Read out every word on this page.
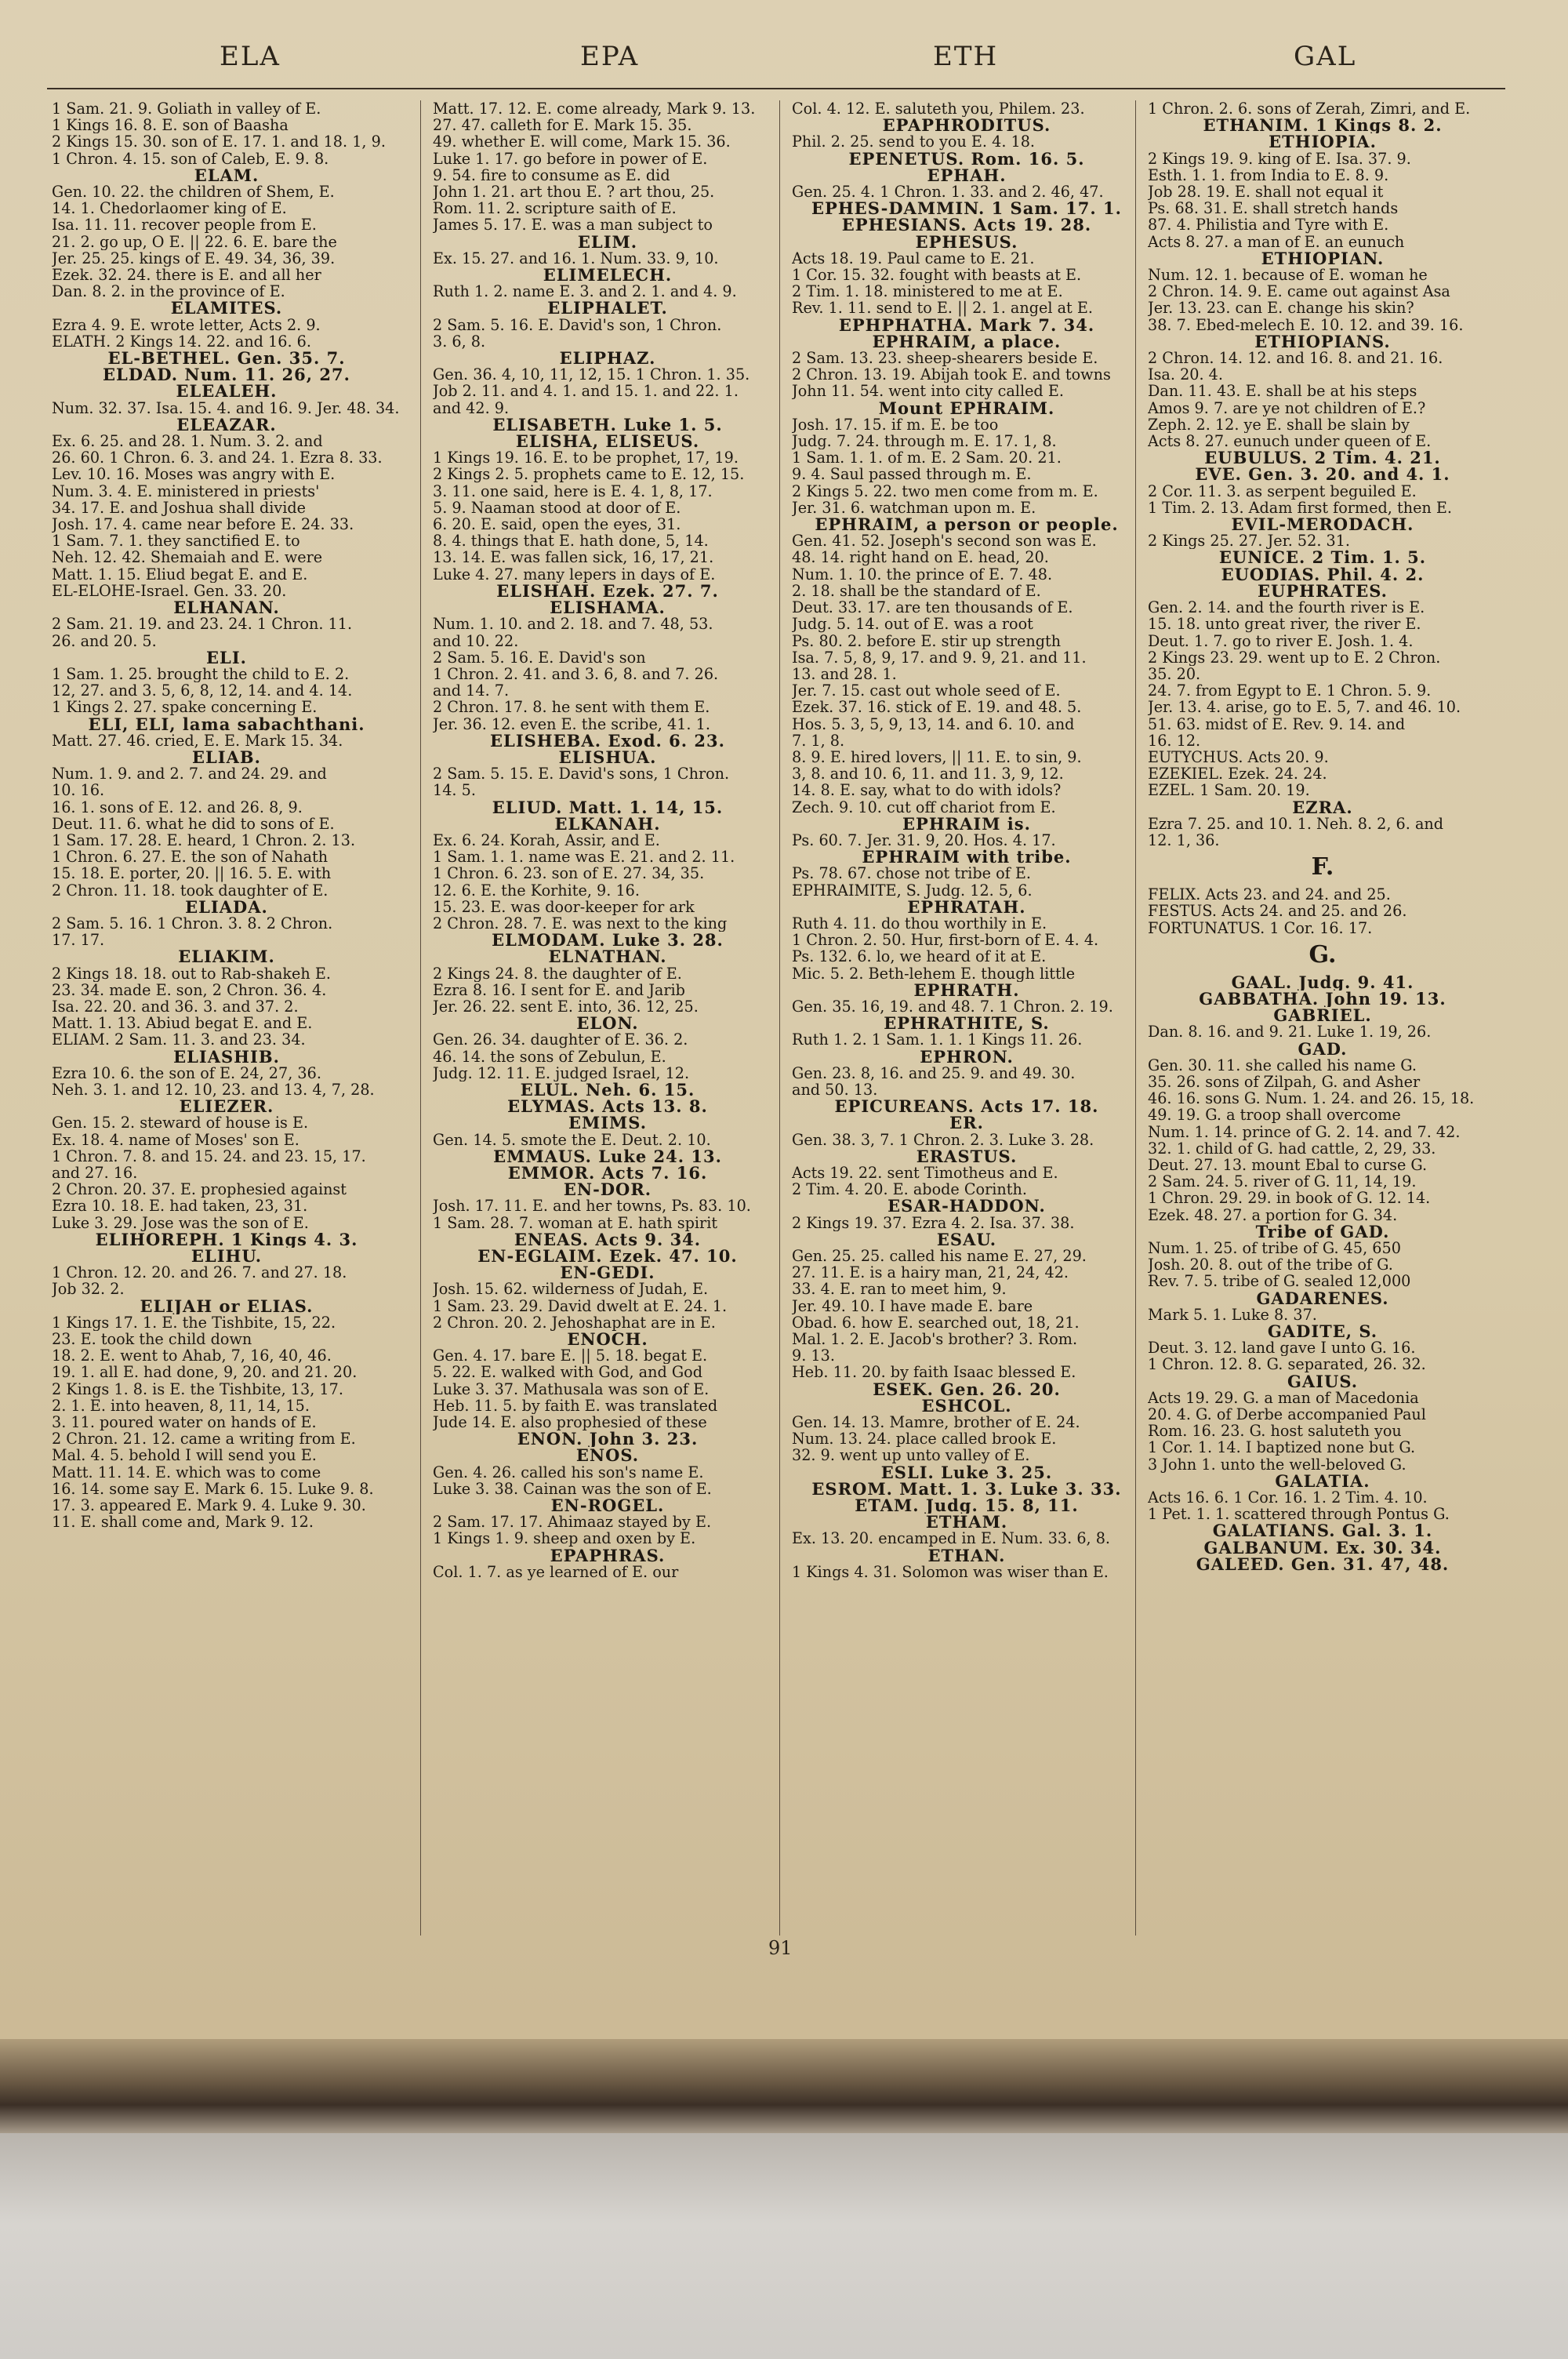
ELA	EPA	ETH	GAL
1 Sam. 21. 9. Goliath in valley of E.
1 Kings 16. 8. E. son of Baasha
2 Kings 15. 30. son of E. 17. 1. and 18. 1, 9.
1 Chron. 4. 15. son of Caleb, E. 9. 8.
ELAM.
Gen. 10. 22. the children of Shem, E.
14. 1. Chedorlaomer king of E.
Isa. 11. 11. recover people from E.
21. 2. go up, O E. || 22. 6. E. bare the
Jer. 25. 25. kings of E. 49. 34, 36, 39.
Ezek. 32. 24. there is E. and all her
Dan. 8. 2. in the province of E.
ELAMITES.
Ezra 4. 9. E. wrote letter, Acts 2. 9.
ELATH. 2 Kings 14. 22. and 16. 6.
EL-BETHEL. Gen. 35. 7.
ELDAD. Num. 11. 26, 27.
ELEALEH.
Num. 32. 37. Isa. 15. 4. and 16. 9. Jer. 48. 34.
ELEAZAR.
Ex. 6. 25. and 28. 1. Num. 3. 2. and
26. 60. 1 Chron. 6. 3. and 24. 1. Ezra 8. 33.
Lev. 10. 16. Moses was angry with E.
Num. 3. 4. E. ministered in priests'
34. 17. E. and Joshua shall divide
Josh. 17. 4. came near before E. 24. 33.
1 Sam. 7. 1. they sanctified E. to
Neh. 12. 42. Shemaiah and E. were
Matt. 1. 15. Eliud begat E. and E.
EL-ELOHE-Israel. Gen. 33. 20.
ELHANAN.
2 Sam. 21. 19. and 23. 24. 1 Chron. 11.
26. and 20. 5.
ELI.
1 Sam. 1. 25. brought the child to E. 2.
12, 27. and 3. 5, 6, 8, 12, 14. and 4. 14.
1 Kings 2. 27. spake concerning E.
ELI, ELI, lama sabachthani.
Matt. 27. 46. cried, E. E. Mark 15. 34.
ELIAB.
Num. 1. 9. and 2. 7. and 24. 29. and
10. 16.
16. 1. sons of E. 12. and 26. 8, 9.
Deut. 11. 6. what he did to sons of E.
1 Sam. 17. 28. E. heard, 1 Chron. 2. 13.
1 Chron. 6. 27. E. the son of Nahath
15. 18. E. porter, 20. || 16. 5. E. with
2 Chron. 11. 18. took daughter of E.
ELIADA.
2 Sam. 5. 16. 1 Chron. 3. 8. 2 Chron.
17. 17.
ELIAKIM.
2 Kings 18. 18. out to Rab-shakeh E.
23. 34. made E. son, 2 Chron. 36. 4.
Isa. 22. 20. and 36. 3. and 37. 2.
Matt. 1. 13. Abiud begat E. and E.
ELIAM. 2 Sam. 11. 3. and 23. 34.
ELIASHIB.
Ezra 10. 6. the son of E. 24, 27, 36.
Neh. 3. 1. and 12. 10, 23. and 13. 4, 7, 28.
ELIEZER.
Gen. 15. 2. steward of house is E.
Ex. 18. 4. name of Moses' son E.
1 Chron. 7. 8. and 15. 24. and 23. 15, 17.
and 27. 16.
2 Chron. 20. 37. E. prophesied against
Ezra 10. 18. E. had taken, 23, 31.
Luke 3. 29. Jose was the son of E.
ELIHOREPH. 1 Kings 4. 3.
ELIHU.
1 Chron. 12. 20. and 26. 7. and 27. 18.
Job 32. 2.
ELIJAH or ELIAS.
1 Kings 17. 1. E. the Tishbite, 15, 22.
23. E. took the child down
18. 2. E. went to Ahab, 7, 16, 40, 46.
19. 1. all E. had done, 9, 20. and 21. 20.
2 Kings 1. 8. is E. the Tishbite, 13, 17.
2. 1. E. into heaven, 8, 11, 14, 15.
3. 11. poured water on hands of E.
2 Chron. 21. 12. came a writing from E.
Mal. 4. 5. behold I will send you E.
Matt. 11. 14. E. which was to come
16. 14. some say E. Mark 6. 15. Luke 9. 8.
17. 3. appeared E. Mark 9. 4. Luke 9. 30.
11. E. shall come and, Mark 9. 12.
Matt. 17. 12. E. come already, Mark 9. 13.
27. 47. calleth for E. Mark 15. 35.
49. whether E. will come, Mark 15. 36.
Luke 1. 17. go before in power of E.
9. 54. fire to consume as E. did
John 1. 21. art thou E. ? art thou, 25.
Rom. 11. 2. scripture saith of E.
James 5. 17. E. was a man subject to
ELIM.
Ex. 15. 27. and 16. 1. Num. 33. 9, 10.
ELIMELECH.
Ruth 1. 2. name E. 3. and 2. 1. and 4. 9.
ELIPHALET.
2 Sam. 5. 16. E. David's son, 1 Chron.
3. 6, 8.
ELIPHAZ.
Gen. 36. 4, 10, 11, 12, 15. 1 Chron. 1. 35.
Job 2. 11. and 4. 1. and 15. 1. and 22. 1.
and 42. 9.
ELISABETH. Luke 1. 5.
ELISHA, ELISEUS.
1 Kings 19. 16. E. to be prophet, 17, 19.
2 Kings 2. 5. prophets came to E. 12, 15.
3. 11. one said, here is E. 4. 1, 8, 17.
5. 9. Naaman stood at door of E.
6. 20. E. said, open the eyes, 31.
8. 4. things that E. hath done, 5, 14.
13. 14. E. was fallen sick, 16, 17, 21.
Luke 4. 27. many lepers in days of E.
ELISHAH. Ezek. 27. 7.
ELISHAMA.
Num. 1. 10. and 2. 18. and 7. 48, 53.
and 10. 22.
2 Sam. 5. 16. E. David's son
1 Chron. 2. 41. and 3. 6, 8. and 7. 26.
and 14. 7.
2 Chron. 17. 8. he sent with them E.
Jer. 36. 12. even E. the scribe, 41. 1.
ELISHEBA. Exod. 6. 23.
ELISHUA.
2 Sam. 5. 15. E. David's sons, 1 Chron.
14. 5.
ELIUD. Matt. 1. 14, 15.
ELKANAH.
Ex. 6. 24. Korah, Assir, and E.
1 Sam. 1. 1. name was E. 21. and 2. 11.
1 Chron. 6. 23. son of E. 27. 34, 35.
12. 6. E. the Korhite, 9. 16.
15. 23. E. was door-keeper for ark
2 Chron. 28. 7. E. was next to the king
ELMODAM. Luke 3. 28.
ELNATHAN.
2 Kings 24. 8. the daughter of E.
Ezra 8. 16. I sent for E. and Jarib
Jer. 26. 22. sent E. into, 36. 12, 25.
ELON.
Gen. 26. 34. daughter of E. 36. 2.
46. 14. the sons of Zebulun, E.
Judg. 12. 11. E. judged Israel, 12.
ELUL. Neh. 6. 15.
ELYMAS. Acts 13. 8.
EMIMS.
Gen. 14. 5. smote the E. Deut. 2. 10.
EMMAUS. Luke 24. 13.
EMMOR. Acts 7. 16.
EN-DOR.
Josh. 17. 11. E. and her towns, Ps. 83. 10.
1 Sam. 28. 7. woman at E. hath spirit
ENEAS. Acts 9. 34.
EN-EGLAIM. Ezek. 47. 10.
EN-GEDI.
Josh. 15. 62. wilderness of Judah, E.
1 Sam. 23. 29. David dwelt at E. 24. 1.
2 Chron. 20. 2. Jehoshaphat are in E.
ENOCH.
Gen. 4. 17. bare E. || 5. 18. begat E.
5. 22. E. walked with God, and God
Luke 3. 37. Mathusala was son of E.
Heb. 11. 5. by faith E. was translated
Jude 14. E. also prophesied of these
ENON. John 3. 23.
ENOS.
Gen. 4. 26. called his son's name E.
Luke 3. 38. Cainan was the son of E.
EN-ROGEL.
2 Sam. 17. 17. Ahimaaz stayed by E.
1 Kings 1. 9. sheep and oxen by E.
EPAPHRAS.
Col. 1. 7. as ye learned of E. our
Col. 4. 12. E. saluteth you, Philem. 23.
EPAPHRODITUS.
Phil. 2. 25. send to you E. 4. 18.
EPENETUS. Rom. 16. 5.
EPHAH.
Gen. 25. 4. 1 Chron. 1. 33. and 2. 46, 47.
EPHES-DAMMIN. 1 Sam. 17. 1.
EPHESIANS. Acts 19. 28.
EPHESUS.
Acts 18. 19. Paul came to E. 21.
1 Cor. 15. 32. fought with beasts at E.
2 Tim. 1. 18. ministered to me at E.
Rev. 1. 11. send to E. || 2. 1. angel at E.
EPHPHATHA. Mark 7. 34.
EPHRAIM, a place.
2 Sam. 13. 23. sheep-shearers beside E.
2 Chron. 13. 19. Abijah took E. and towns
John 11. 54. went into city called E.
Mount EPHRAIM.
Josh. 17. 15. if m. E. be too
Judg. 7. 24. through m. E. 17. 1, 8.
1 Sam. 1. 1. of m. E. 2 Sam. 20. 21.
9. 4. Saul passed through m. E.
2 Kings 5. 22. two men come from m. E.
Jer. 31. 6. watchman upon m. E.
EPHRAIM, a person or people.
Gen. 41. 52. Joseph's second son was E.
48. 14. right hand on E. head, 20.
Num. 1. 10. the prince of E. 7. 48.
2. 18. shall be the standard of E.
Deut. 33. 17. are ten thousands of E.
Judg. 5. 14. out of E. was a root
Ps. 80. 2. before E. stir up strength
Isa. 7. 5, 8, 9, 17. and 9. 9, 21. and 11.
13. and 28. 1.
Jer. 7. 15. cast out whole seed of E.
Ezek. 37. 16. stick of E. 19. and 48. 5.
Hos. 5. 3, 5, 9, 13, 14. and 6. 10. and
7. 1, 8.
8. 9. E. hired lovers, || 11. E. to sin, 9.
3, 8. and 10. 6, 11. and 11. 3, 9, 12.
14. 8. E. say, what to do with idols?
Zech. 9. 10. cut off chariot from E.
EPHRAIM is.
Ps. 60. 7. Jer. 31. 9, 20. Hos. 4. 17.
EPHRAIM with tribe.
Ps. 78. 67. chose not tribe of E.
EPHRAIMITE, S. Judg. 12. 5, 6.
EPHRATAH.
Ruth 4. 11. do thou worthily in E.
1 Chron. 2. 50. Hur, first-born of E. 4. 4.
Ps. 132. 6. lo, we heard of it at E.
Mic. 5. 2. Beth-lehem E. though little
EPHRATH.
Gen. 35. 16, 19. and 48. 7. 1 Chron. 2. 19.
EPHRATHITE, S.
Ruth 1. 2. 1 Sam. 1. 1. 1 Kings 11. 26.
EPHRON.
Gen. 23. 8, 16. and 25. 9. and 49. 30.
and 50. 13.
EPICUREANS. Acts 17. 18.
ER.
Gen. 38. 3, 7. 1 Chron. 2. 3. Luke 3. 28.
ERASTUS.
Acts 19. 22. sent Timotheus and E.
2 Tim. 4. 20. E. abode Corinth.
ESAR-HADDON.
2 Kings 19. 37. Ezra 4. 2. Isa. 37. 38.
ESAU.
Gen. 25. 25. called his name E. 27, 29.
27. 11. E. is a hairy man, 21, 24, 42.
33. 4. E. ran to meet him, 9.
Jer. 49. 10. I have made E. bare
Obad. 6. how E. searched out, 18, 21.
Mal. 1. 2. E. Jacob's brother? 3. Rom.
9. 13.
Heb. 11. 20. by faith Isaac blessed E.
ESEK. Gen. 26. 20.
ESHCOL.
Gen. 14. 13. Mamre, brother of E. 24.
Num. 13. 24. place called brook E.
32. 9. went up unto valley of E.
ESLI. Luke 3. 25.
ESROM. Matt. 1. 3. Luke 3. 33.
ETAM. Judg. 15. 8, 11.
ETHAM.
Ex. 13. 20. encamped in E. Num. 33. 6, 8.
ETHAN.
1 Kings 4. 31. Solomon was wiser than E.
1 Chron. 2. 6. sons of Zerah, Zimri, and E.
ETHANIM. 1 Kings 8. 2.
ETHIOPIA.
2 Kings 19. 9. king of E. Isa. 37. 9.
Esth. 1. 1. from India to E. 8. 9.
Job 28. 19. E. shall not equal it
Ps. 68. 31. E. shall stretch hands
87. 4. Philistia and Tyre with E.
Acts 8. 27. a man of E. an eunuch
ETHIOPIAN.
Num. 12. 1. because of E. woman he
2 Chron. 14. 9. E. came out against Asa
Jer. 13. 23. can E. change his skin?
38. 7. Ebed-melech E. 10. 12. and 39. 16.
ETHIOPIANS.
2 Chron. 14. 12. and 16. 8. and 21. 16.
Isa. 20. 4.
Dan. 11. 43. E. shall be at his steps
Amos 9. 7. are ye not children of E.?
Zeph. 2. 12. ye E. shall be slain by
Acts 8. 27. eunuch under queen of E.
EUBULUS. 2 Tim. 4. 21.
EVE. Gen. 3. 20. and 4. 1.
2 Cor. 11. 3. as serpent beguiled E.
1 Tim. 2. 13. Adam first formed, then E.
EVIL-MERODACH.
2 Kings 25. 27. Jer. 52. 31.
EUNICE. 2 Tim. 1. 5.
EUODIAS. Phil. 4. 2.
EUPHRATES.
Gen. 2. 14. and the fourth river is E.
15. 18. unto great river, the river E.
Deut. 1. 7. go to river E. Josh. 1. 4.
2 Kings 23. 29. went up to E. 2 Chron.
35. 20.
24. 7. from Egypt to E. 1 Chron. 5. 9.
Jer. 13. 4. arise, go to E. 5, 7. and 46. 10.
51. 63. midst of E. Rev. 9. 14. and
16. 12.
EUTYCHUS. Acts 20. 9.
EZEKIEL. Ezek. 24. 24.
EZEL. 1 Sam. 20. 19.
EZRA.
Ezra 7. 25. and 10. 1. Neh. 8. 2, 6. and
12. 1, 36.
F.
FELIX. Acts 23. and 24. and 25.
FESTUS. Acts 24. and 25. and 26.
FORTUNATUS. 1 Cor. 16. 17.
G.
GAAL. Judg. 9. 41.
GABBATHA. John 19. 13.
GABRIEL.
Dan. 8. 16. and 9. 21. Luke 1. 19, 26.
GAD.
Gen. 30. 11. she called his name G.
35. 26. sons of Zilpah, G. and Asher
46. 16. sons G. Num. 1. 24. and 26. 15, 18.
49. 19. G. a troop shall overcome
Num. 1. 14. prince of G. 2. 14. and 7. 42.
32. 1. child of G. had cattle, 2, 29, 33.
Deut. 27. 13. mount Ebal to curse G.
2 Sam. 24. 5. river of G. 11, 14, 19.
1 Chron. 29. 29. in book of G. 12. 14.
Ezek. 48. 27. a portion for G. 34.
Tribe of GAD.
Num. 1. 25. of tribe of G. 45, 650
Josh. 20. 8. out of the tribe of G.
Rev. 7. 5. tribe of G. sealed 12,000
GADARENES.
Mark 5. 1. Luke 8. 37.
GADITE, S.
Deut. 3. 12. land gave I unto G. 16.
1 Chron. 12. 8. G. separated, 26. 32.
GAIUS.
Acts 19. 29. G. a man of Macedonia
20. 4. G. of Derbe accompanied Paul
Rom. 16. 23. G. host saluteth you
1 Cor. 1. 14. I baptized none but G.
3 John 1. unto the well-beloved G.
GALATIA.
Acts 16. 6. 1 Cor. 16. 1. 2 Tim. 4. 10.
1 Pet. 1. 1. scattered through Pontus G.
GALATIANS. Gal. 3. 1.
GALBANUM. Ex. 30. 34.
GALEED. Gen. 31. 47, 48.
91
